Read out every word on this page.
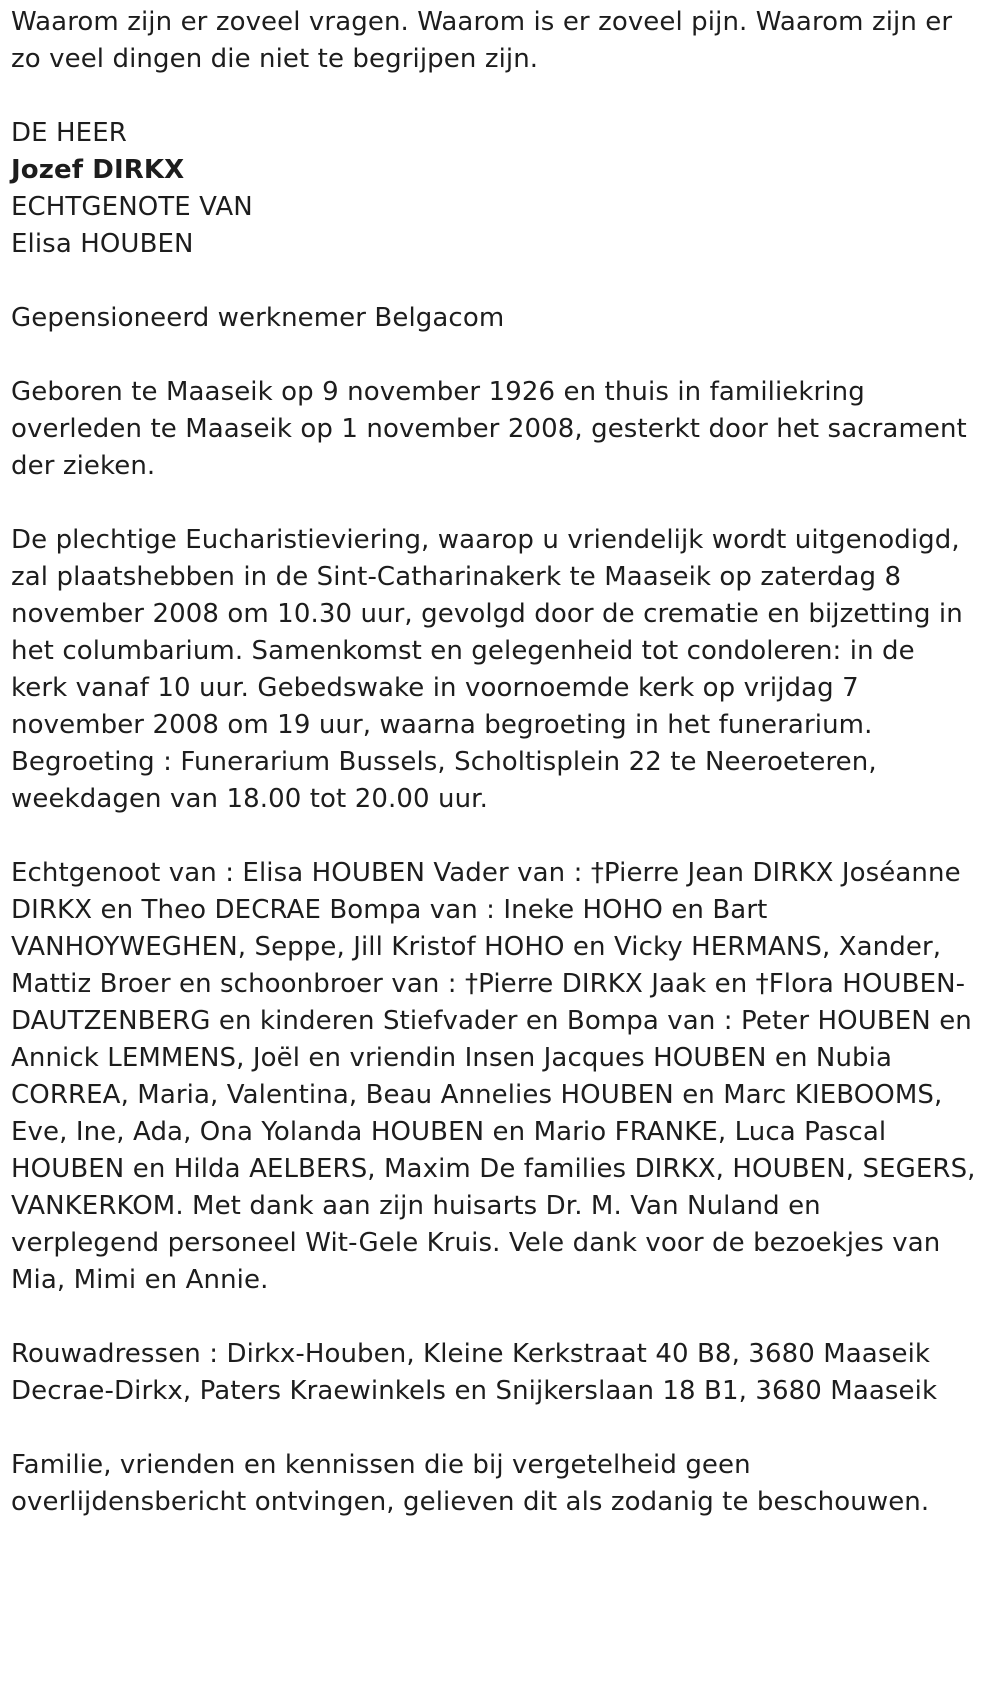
Waarom zijn er zoveel vragen. Waarom is er zoveel pijn. Waarom zijn er
zo veel dingen die niet te begrijpen zijn.

DE HEER
Jozef DIRKX
ECHTGENOTE VAN
Elisa HOUBEN

Gepensioneerd werknemer Belgacom

Geboren te Maaseik op 9 november 1926 en thuis in familiekring
overleden te Maaseik op 1 november 2008, gesterkt door het sacrament
der zieken.

De plechtige Eucharistieviering, waarop u vriendelijk wordt uitgenodigd,
zal plaatshebben in de Sint-Catharinakerk te Maaseik op zaterdag 8
november 2008 om 10.30 uur, gevolgd door de crematie en bijzetting in
het columbarium. Samenkomst en gelegenheid tot condoleren: in de
kerk vanaf 10 uur. Gebedswake in voornoemde kerk op vrijdag 7
november 2008 om 19 uur, waarna begroeting in het funerarium.
Begroeting : Funerarium Bussels, Scholtisplein 22 te Neeroeteren,
weekdagen van 18.00 tot 20.00 uur.

Echtgenoot van : Elisa HOUBEN Vader van : †Pierre Jean DIRKX Joséanne
DIRKX en Theo DECRAE Bompa van : Ineke HOHO en Bart
VANHOYWEGHEN, Seppe, Jill Kristof HOHO en Vicky HERMANS, Xander,
Mattiz Broer en schoonbroer van : †Pierre DIRKX Jaak en †Flora HOUBEN-
DAUTZENBERG en kinderen Stiefvader en Bompa van : Peter HOUBEN en
Annick LEMMENS, Joël en vriendin Insen Jacques HOUBEN en Nubia
CORREA, Maria, Valentina, Beau Annelies HOUBEN en Marc KIEBOOMS,
Eve, Ine, Ada, Ona Yolanda HOUBEN en Mario FRANKE, Luca Pascal
HOUBEN en Hilda AELBERS, Maxim De families DIRKX, HOUBEN, SEGERS,
VANKERKOM. Met dank aan zijn huisarts Dr. M. Van Nuland en
verplegend personeel Wit-Gele Kruis. Vele dank voor de bezoekjes van
Mia, Mimi en Annie.

Rouwadressen : Dirkx-Houben, Kleine Kerkstraat 40 B8, 3680 Maaseik
Decrae-Dirkx, Paters Kraewinkels en Snijkerslaan 18 B1, 3680 Maaseik

Familie, vrienden en kennissen die bij vergetelheid geen
overlijdensbericht ontvingen, gelieven dit als zodanig te beschouwen.
